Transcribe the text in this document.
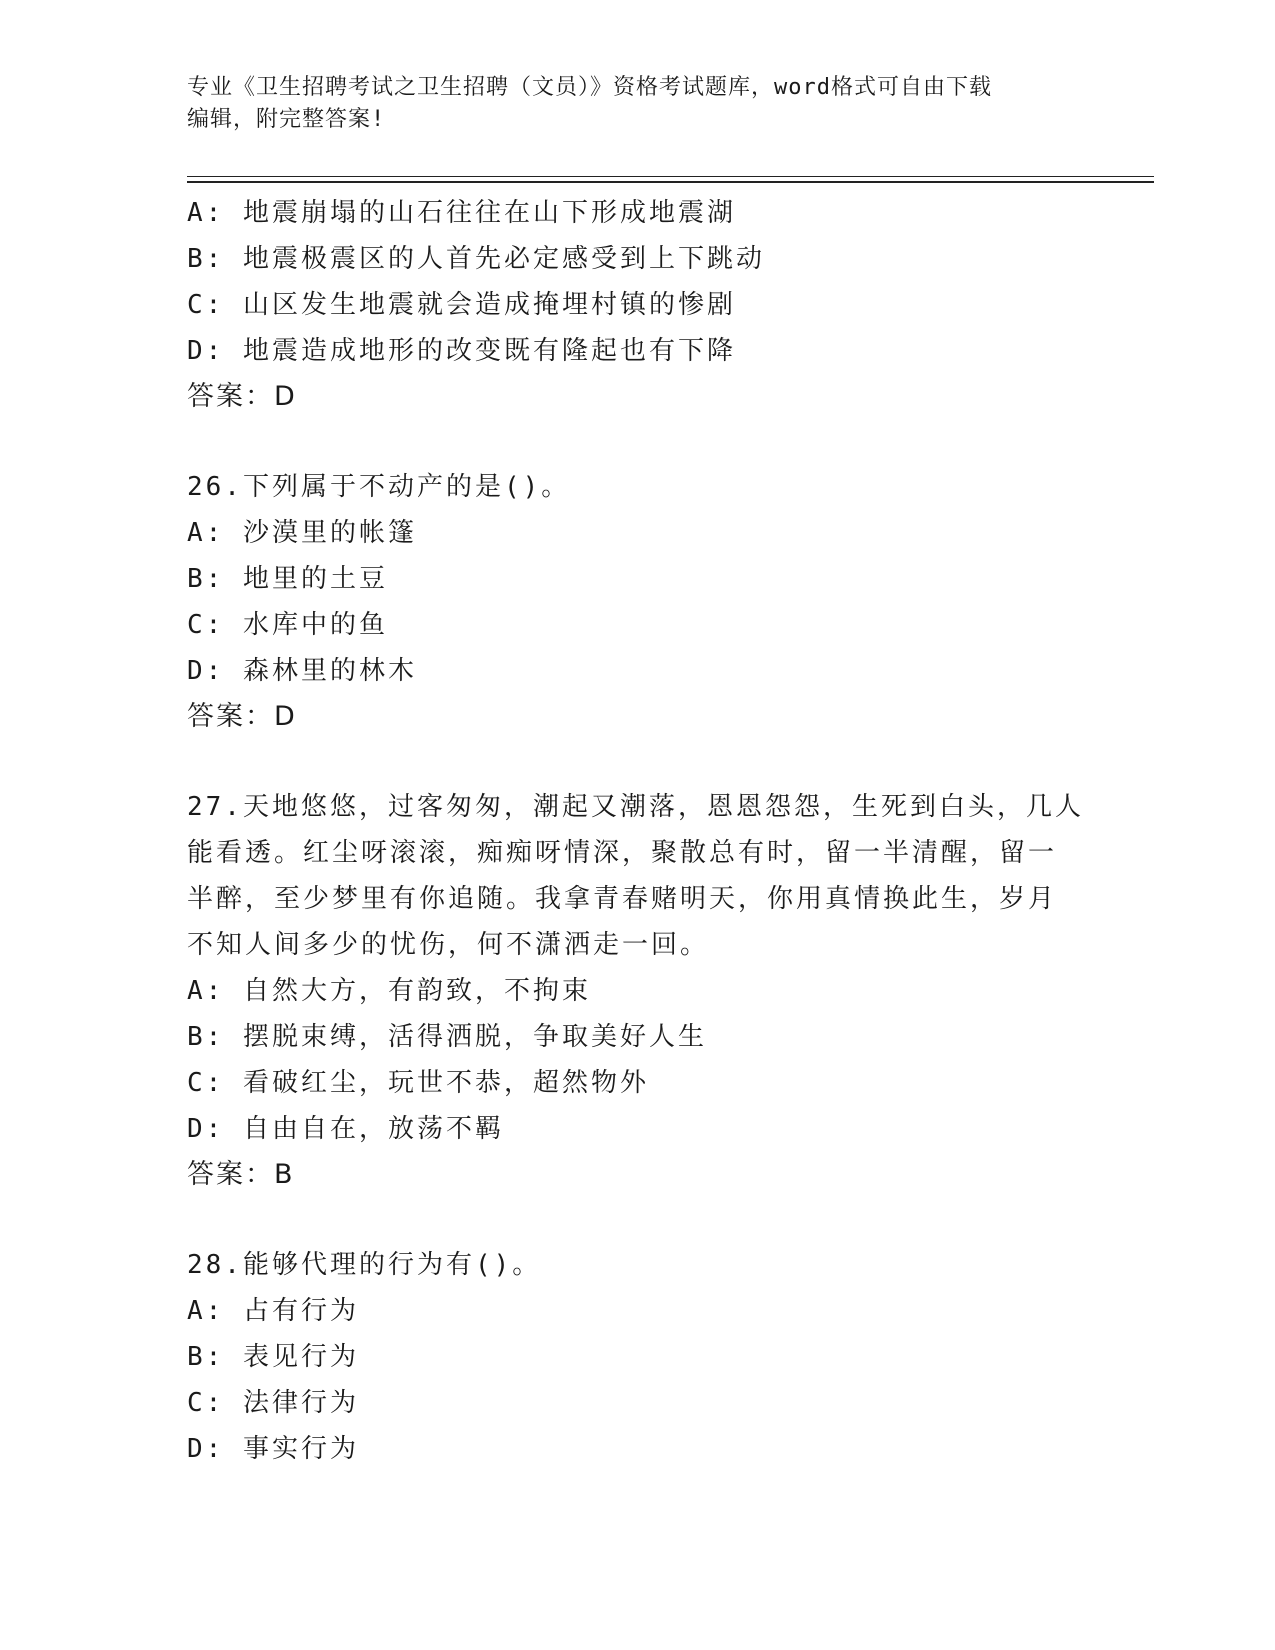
专业《卫生招聘考试之卫生招聘（文员）》资格考试题库，word格式可自由下载
编辑，附完整答案!
A: 地震崩塌的山石往往在山下形成地震湖
B: 地震极震区的人首先必定感受到上下跳动
C: 山区发生地震就会造成掩埋村镇的惨剧
D: 地震造成地形的改变既有隆起也有下降
答案：D
26.下列属于不动产的是()。
A: 沙漠里的帐篷
B: 地里的土豆
C: 水库中的鱼
D: 森林里的林木
答案：D
27.天地悠悠，过客匆匆，潮起又潮落，恩恩怨怨，生死到白头，几人
能看透。红尘呀滚滚，痴痴呀情深，聚散总有时，留一半清醒，留一
半醉，至少梦里有你追随。我拿青春赌明天，你用真情换此生，岁月
不知人间多少的忧伤，何不潇洒走一回。
A: 自然大方，有韵致，不拘束
B: 摆脱束缚，活得洒脱，争取美好人生
C: 看破红尘，玩世不恭，超然物外
D: 自由自在，放荡不羁
答案：B
28.能够代理的行为有()。
A: 占有行为
B: 表见行为
C: 法律行为
D: 事实行为
